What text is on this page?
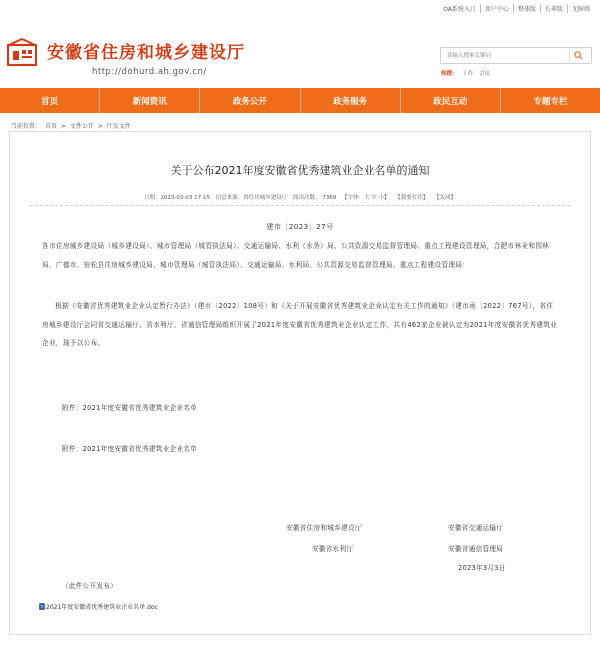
OA系统入口	用户中心	整体版	长辈版	无障碍
安徽省住房和城乡建设厅
http://dohurd.ah.gov.cn/
请输入搜索关键词	热搜： 工作 会议
首页	新闻资讯	政务公开	政务服务	政民互动	专题专栏
当前位置： 首页 > 文件公开 > 厅发文件
关于公布2021年度安徽省优秀建筑业企业名单的通知
日期：2023-03-03 17:15 信息来源：省住房城乡建设厅 阅读次数： 7369 【字体：大 中 小】 【我要打印】 【关闭】
建市〔2023〕27号
各市住房城乡建设局（城乡建设局）、城市管理局（城管执法局）、交通运输局、水利（水务）局、公共资源交易监督管理局、重点工程建设管理局，合肥市林业和园林局，广德市、宿松县住房城乡建设局、城市管理局（城管执法局）、交通运输局、水利局、公共资源交易监督管理局、重点工程建设管理局：
根据《安徽省优秀建筑业企业认定暂行办法》（建市〔2022〕108号）和《关于开展安徽省优秀建筑业企业认定有关工作的通知》（建市函〔2022〕767号），省住房城乡建设厅会同省交通运输厅、省水利厅、省通信管理局组织开展了2021年度安徽省优秀建筑业企业认定工作，共有462家企业被认定为2021年度安徽省优秀建筑业企业，现予以公布。
附件：2021年度安徽省优秀建筑业企业名单
附件：2021年度安徽省优秀建筑业企业名单
安徽省住房和城乡建设厅	安徽省交通运输厅
安徽省水利厅	安徽省通信管理局
2023年3月3日
（此件公开发布）
2021年度安徽省优秀建筑业企业名单.doc
